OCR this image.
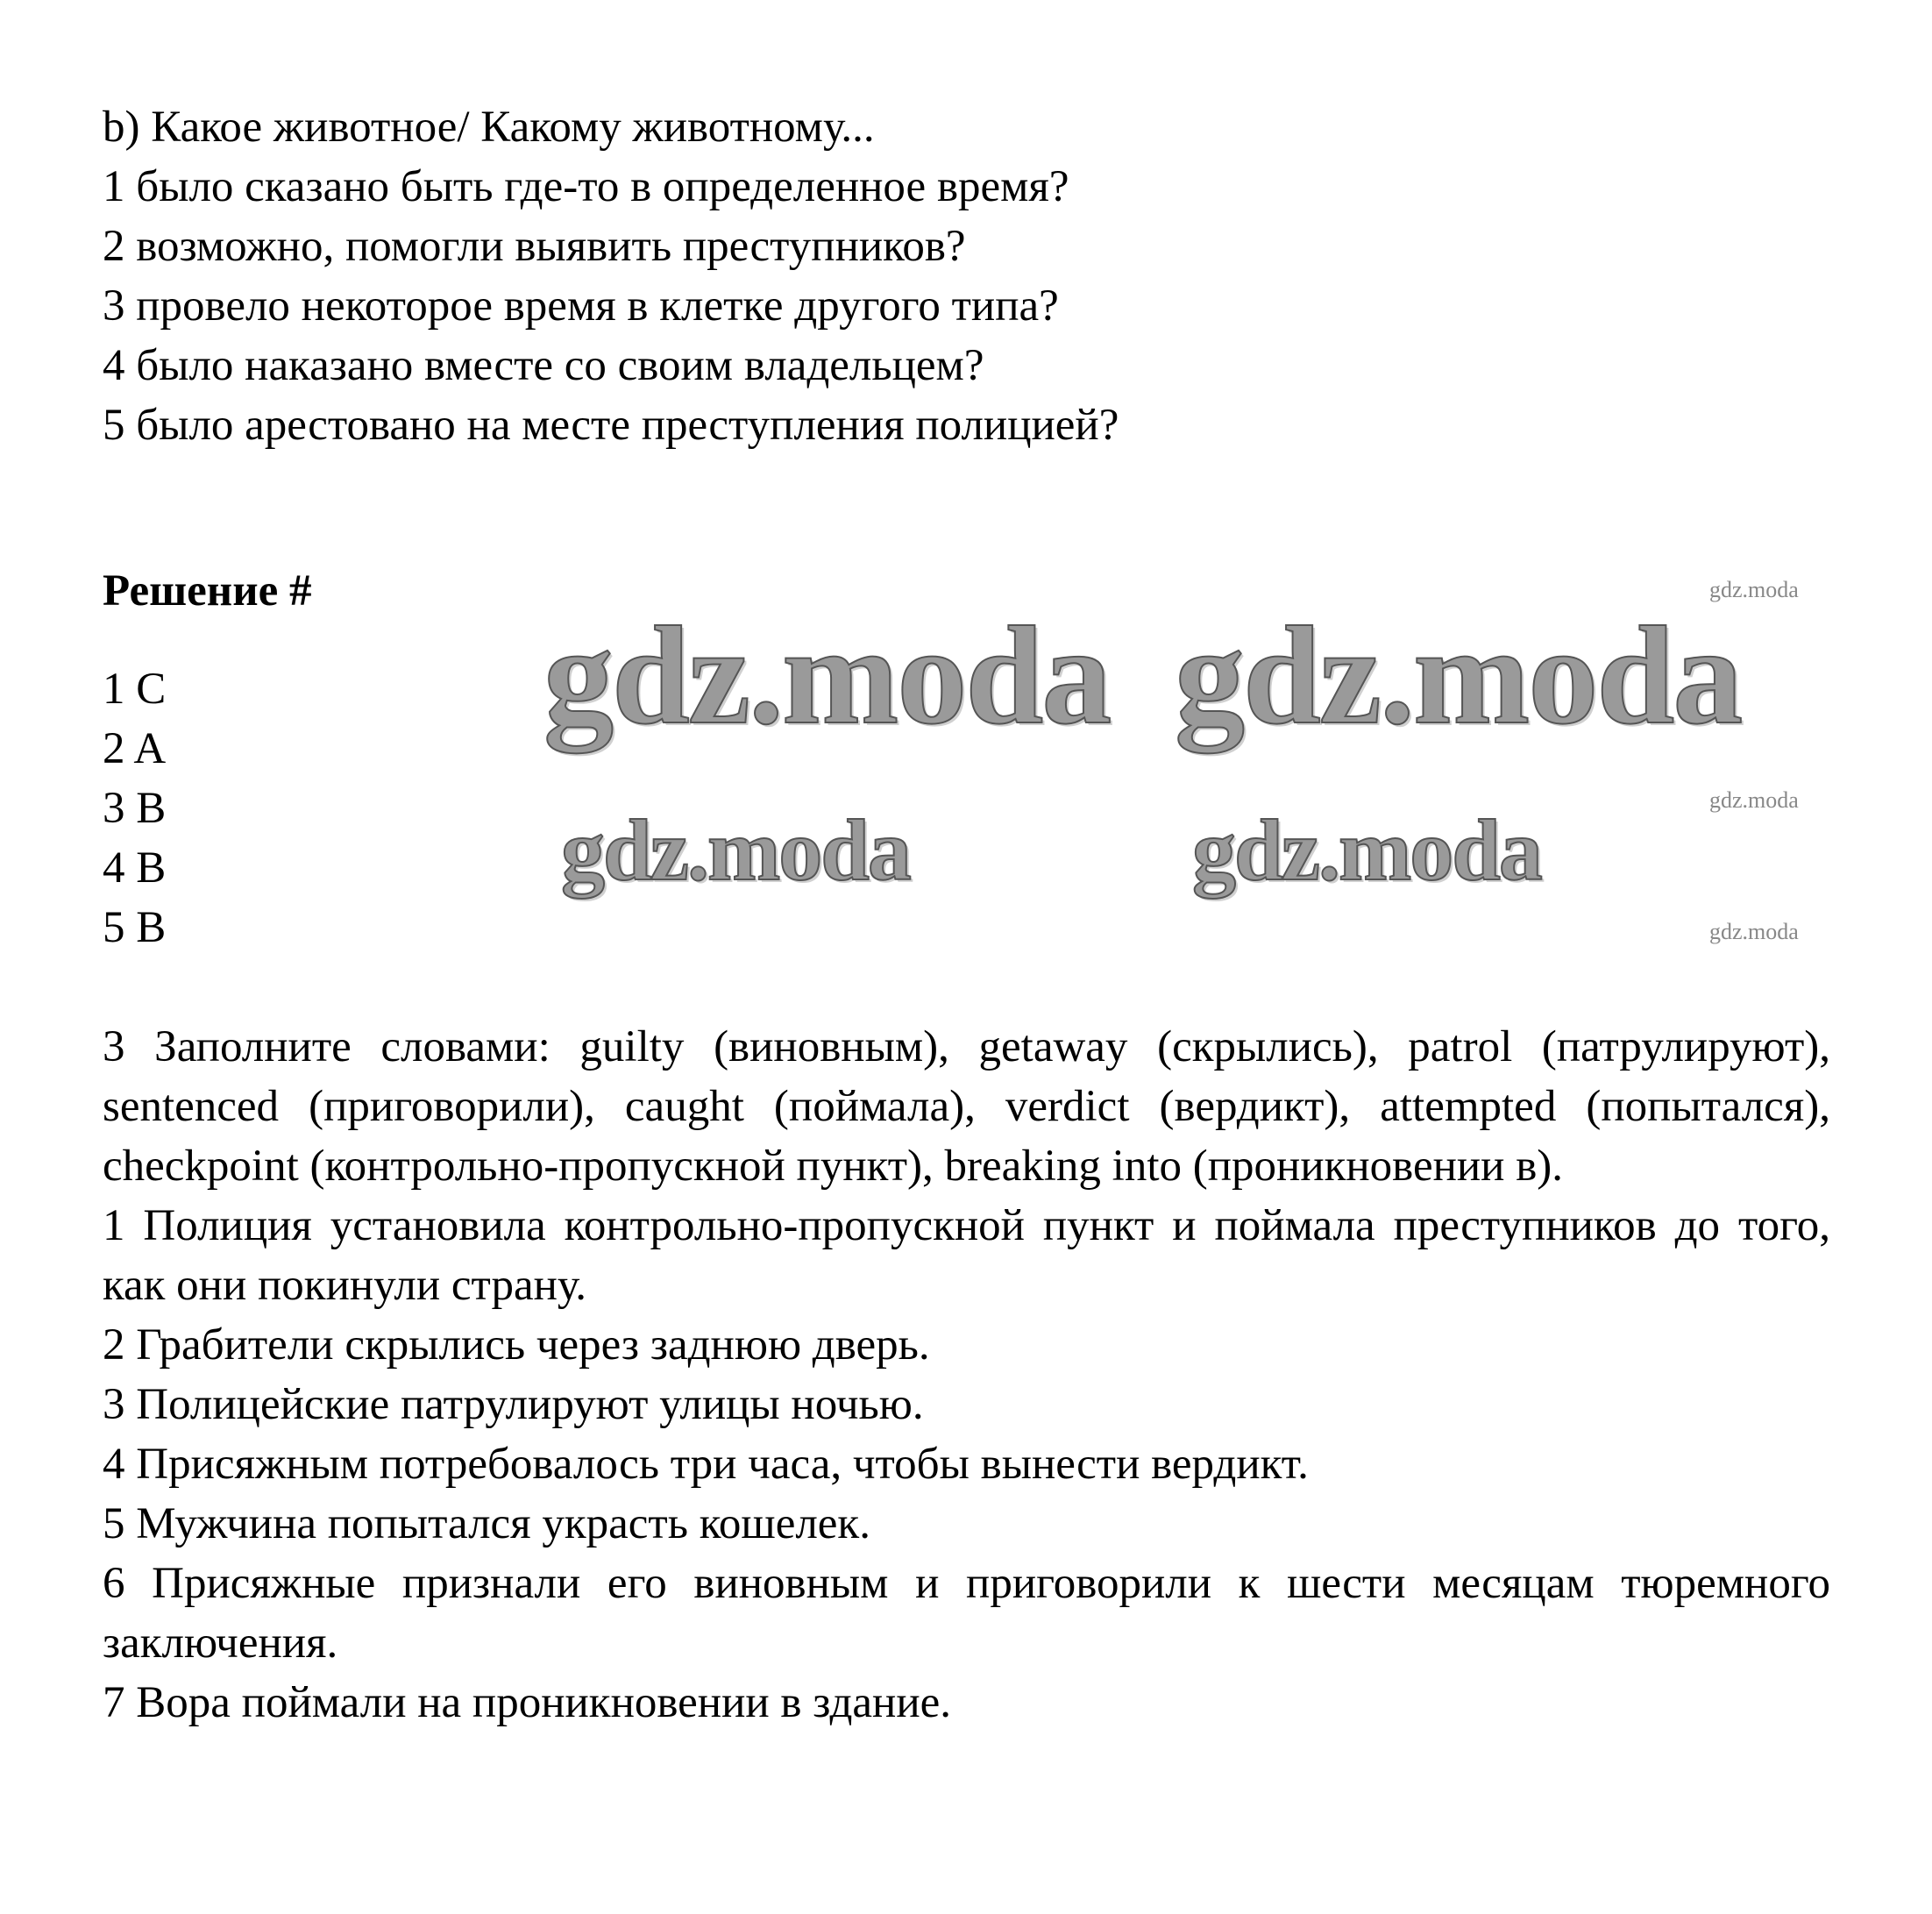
b) Какое животное/ Какому животному...
1 было сказано быть где-то в определенное время?
2 возможно, помогли выявить преступников?
3 провело некоторое время в клетке другого типа?
4 было наказано вместе со своим владельцем?
5 было арестовано на месте преступления полицией?
Решение #
1 C
2 A
3 B
4 B
5 B
3 Заполните словами: guilty (виновным), getaway (скрылись), patrol (патрулируют), sentenced (приговорили), caught (поймала), verdict (вердикт), attempted (попытался), checkpoint (контрольно-пропускной пункт), breaking into (проникновении в).
1 Полиция установила контрольно-пропускной пункт и поймала преступников до того, как они покинули страну.
2 Грабители скрылись через заднюю дверь.
3 Полицейские патрулируют улицы ночью.
4 Присяжным потребовалось три часа, чтобы вынести вердикт.
5 Мужчина попытался украсть кошелек.
6 Присяжные признали его виновным и приговорили к шести месяцам тюремного заключения.
7 Вора поймали на проникновении в здание.
gdz.moda gdz.moda
gdz.moda	gdz.moda
gdz.moda
gdz.moda
gdz.moda
